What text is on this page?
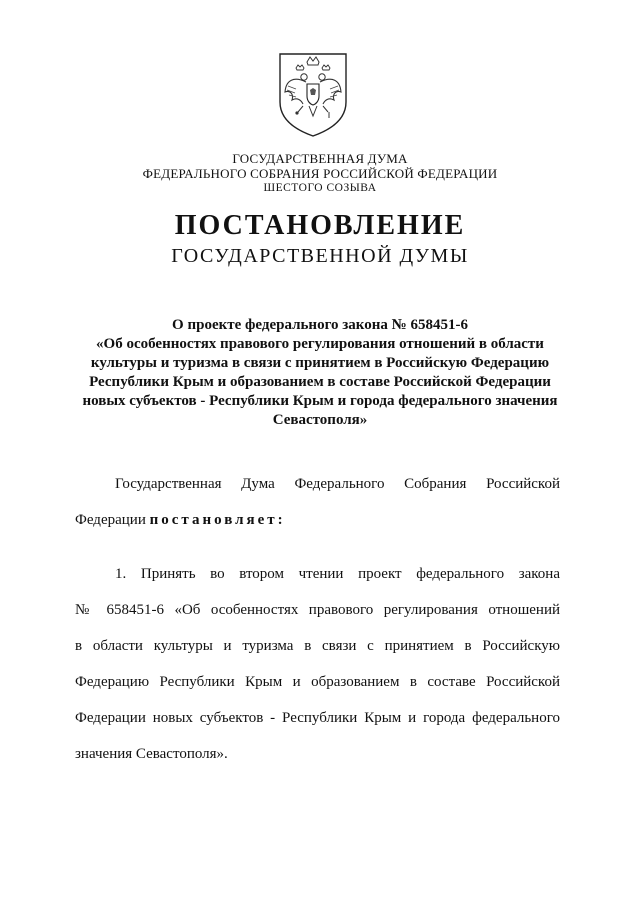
ГОСУДАРСТВЕННАЯ ДУМА
ФЕДЕРАЛЬНОГО СОБРАНИЯ РОССИЙСКОЙ ФЕДЕРАЦИИ
ШЕСТОГО СОЗЫВА
ПОСТАНОВЛЕНИЕ
ГОСУДАРСТВЕННОЙ ДУМЫ
О проекте федерального закона № 658451-6
«Об особенностях правового регулирования отношений в области
культуры и туризма в связи с принятием в Российскую Федерацию
Республики Крым и образованием в составе Российской Федерации
новых субъектов - Республики Крым и города федерального значения
Севастополя»
Государственная Дума Федерального Собрания Российской
Федерации постановляет:
1. Принять во втором чтении проект федерального закона
№ 658451-6 «Об особенностях правового регулирования отношений
в области культуры и туризма в связи с принятием в Российскую
Федерацию Республики Крым и образованием в составе Российской
Федерации новых субъектов - Республики Крым и города федерального
значения Севастополя».
